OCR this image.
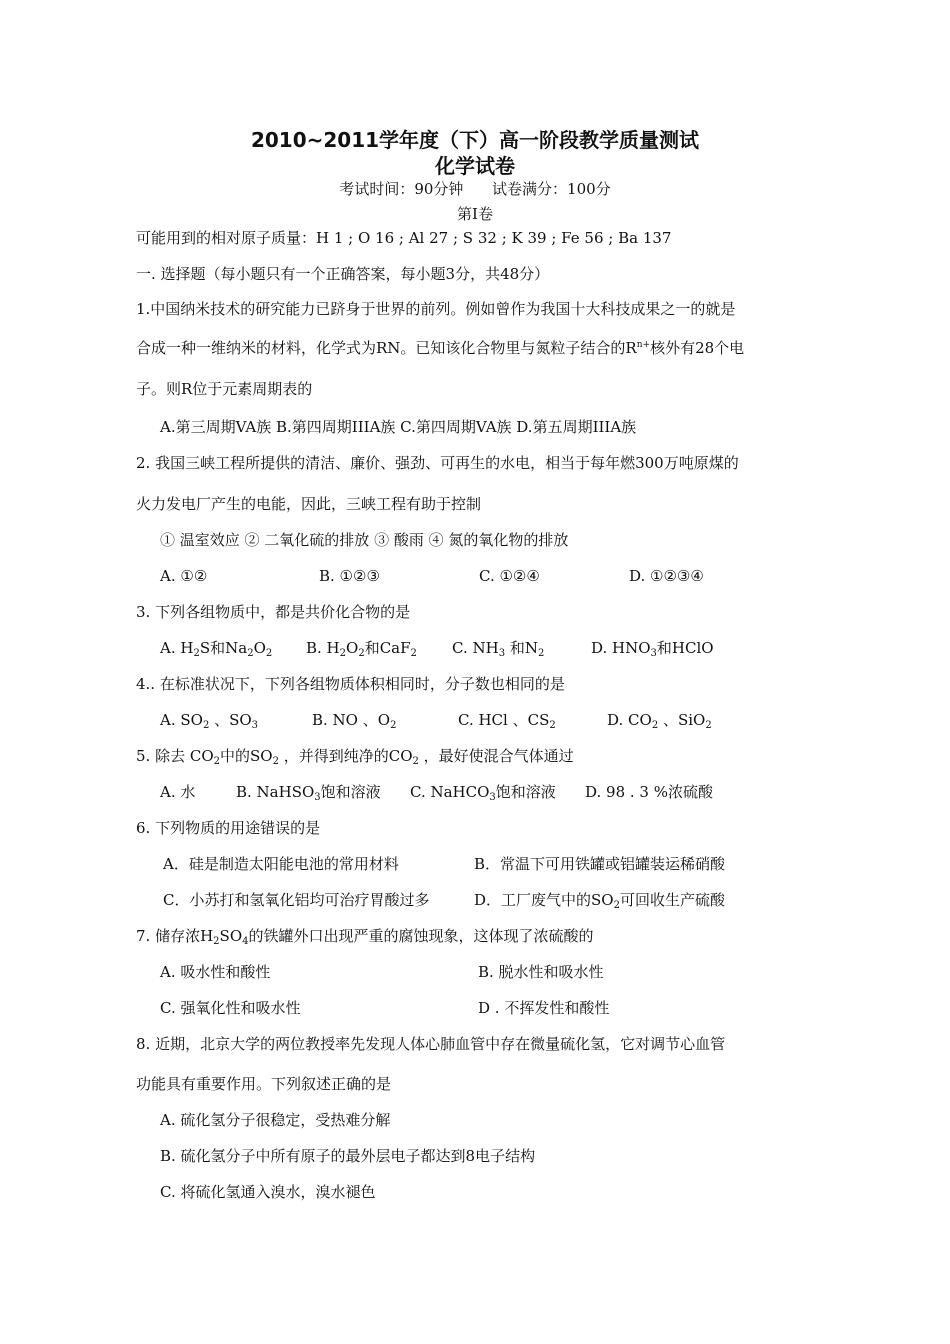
2010~2011学年度（下）高一阶段教学质量测试
化学试卷
考试时间：90分钟      试卷满分：100分
第I卷
可能用到的相对原子质量：H 1 ; O 16 ; Al 27 ; S 32 ; K 39 ; Fe 56 ; Ba 137
一. 选择题（每小题只有一个正确答案，每小题3分，共48分）
1.中国纳米技术的研究能力已跻身于世界的前列。例如曾作为我国十大科技成果之一的就是
合成一种一维纳米的材料，化学式为RN。已知该化合物里与氮粒子结合的$R^{n+}$核外有28个电
子。则R位于元素周期表的
A.第三周期VA族 B.第四周期IIIA族 C.第四周期VA族 D.第五周期IIIA族
2. 我国三峡工程所提供的清洁、廉价、强劲、可再生的水电，相当于每年燃300万吨原煤的
火力发电厂产生的电能，因此，三峡工程有助于控制
① 温室效应 ② 二氧化硫的排放 ③ 酸雨 ④ 氮的氧化物的排放
A. ①②	B. ①②③	C. ①②④	D. ①②③④
3. 下列各组物质中，都是共价化合物的是
A. $H_2S$和$Na_2O_2$ B. $H_2O_2$和CaF$_2$ C. $NH_3$ 和$N_2$	D. $HNO_3$和HClO
4.. 在标准状况下，下列各组物质体积相同时，分子数也相同的是
A. $SO_2$ 、$SO_3$	B. NO 、$O_2$	C. HCl 、$CS_2$	D. $CO_2$ 、SiO$_2$
5. 除去 $CO_2$中的$SO_2$ ，并得到纯净的$CO_2$ ，最好使混合气体通过
A. 水	B. NaHSO$_3$饱和溶液 C. NaHCO$_3$饱和溶液 D. 98 . 3 %浓硫酸
6. 下列物质的用途错误的是
A．硅是制造太阳能电池的常用材料	B．常温下可用铁罐或铝罐装运稀硝酸
C．小苏打和氢氧化铝均可治疗胃酸过多	D．工厂废气中的$SO_2$可回收生产硫酸
7. 储存浓$H_2SO_4$的铁罐外口出现严重的腐蚀现象，这体现了浓硫酸的
A. 吸水性和酸性	B. 脱水性和吸水性
C. 强氧化性和吸水性	D . 不挥发性和酸性
8. 近期，北京大学的两位教授率先发现人体心肺血管中存在微量硫化氢，它对调节心血管
功能具有重要作用。下列叙述正确的是
A. 硫化氢分子很稳定，受热难分解
B. 硫化氢分子中所有原子的最外层电子都达到8电子结构
C. 将硫化氢通入溴水，溴水褪色
